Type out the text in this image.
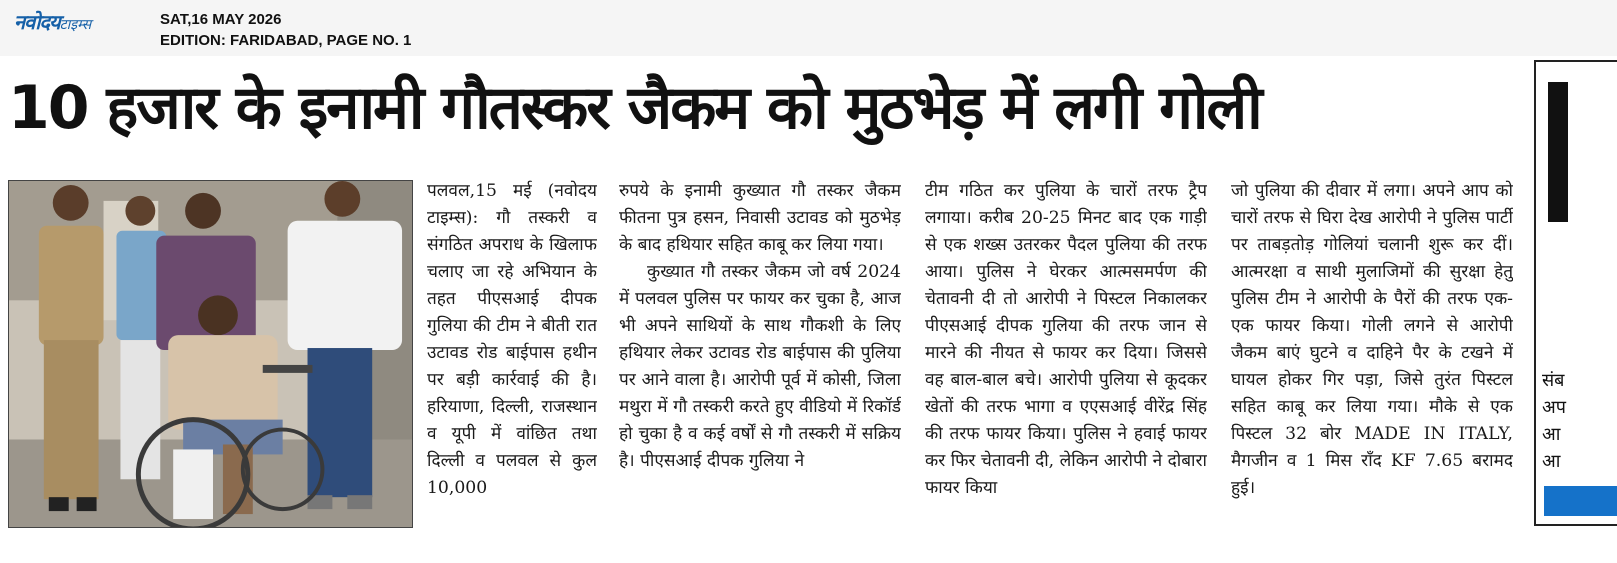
नवोदयटाइम्स	SAT,16 MAY 2026
EDITION: FARIDABAD, PAGE NO. 1
10 हजार के इनामी गौतस्कर जैकम को मुठभेड़ में लगी गोली

पलवल,15 मई (नवोदय टाइम्स): गौ तस्करी व संगठित अपराध के खिलाफ चलाए जा रहे अभियान के तहत पीएसआई दीपक गुलिया की टीम ने बीती रात उटावड रोड बाईपास हथीन पर बड़ी कार्रवाई की है।हरियाणा, दिल्ली, राजस्थान व यूपी में वांछित तथा दिल्ली व पलवल से कुल 10,000

रुपये के इनामी कुख्यात गौ तस्कर जैकम फीतना पुत्र हसन, निवासी उटावड को मुठभेड़ के बाद हथियार सहित काबू कर लिया गया।

कुख्यात गौ तस्कर जैकम जो वर्ष 2024 में पलवल पुलिस पर फायर कर चुका है, आज भी अपने साथियों के साथ गौकशी के लिए हथियार लेकर उटावड रोड बाईपास की पुलिया पर आने वाला है। आरोपी पूर्व में कोसी, जिला मथुरा में गौ तस्करी करते हुए वीडियो में रिकॉर्ड हो चुका है व कई वर्षों से गौ तस्करी में सक्रिय है। पीएसआई दीपक गुलिया ने

टीम गठित कर पुलिया के चारों तरफ ट्रैप लगाया। करीब 20-25 मिनट बाद एक गाड़ी से एक शख्स उतरकर पैदल पुलिया की तरफ आया। पुलिस ने घेरकर आत्मसमर्पण की चेतावनी दी तो आरोपी ने पिस्टल निकालकर पीएसआई दीपक गुलिया की तरफ जान से मारने की नीयत से फायर कर दिया। जिससे वह बाल-बाल बचे। आरोपी पुलिया से कूदकर खेतों की तरफ भागा व एएसआई वीरेंद्र सिंह की तरफ फायर किया। पुलिस ने हवाई फायर कर फिर चेतावनी दी, लेकिन आरोपी ने दोबारा फायर किया

जो पुलिया की दीवार में लगा। अपने आप को चारों तरफ से घिरा देख आरोपी ने पुलिस पार्टी पर ताबड़तोड़ गोलियां चलानी शुरू कर दीं। आत्मरक्षा व साथी मुलाजिमों की सुरक्षा हेतु पुलिस टीम ने आरोपी के पैरों की तरफ एक-एक फायर किया। गोली लगने से आरोपी जैकम बाएं घुटने व दाहिने पैर के टखने में घायल होकर गिर पड़ा, जिसे तुरंत पिस्टल सहित काबू कर लिया गया। मौके से एक पिस्टल 32 बोर MADE IN ITALY, मैगजीन व 1 मिस राँद KF 7.65 बरामद हुई।

संब
अप
आ
आ
